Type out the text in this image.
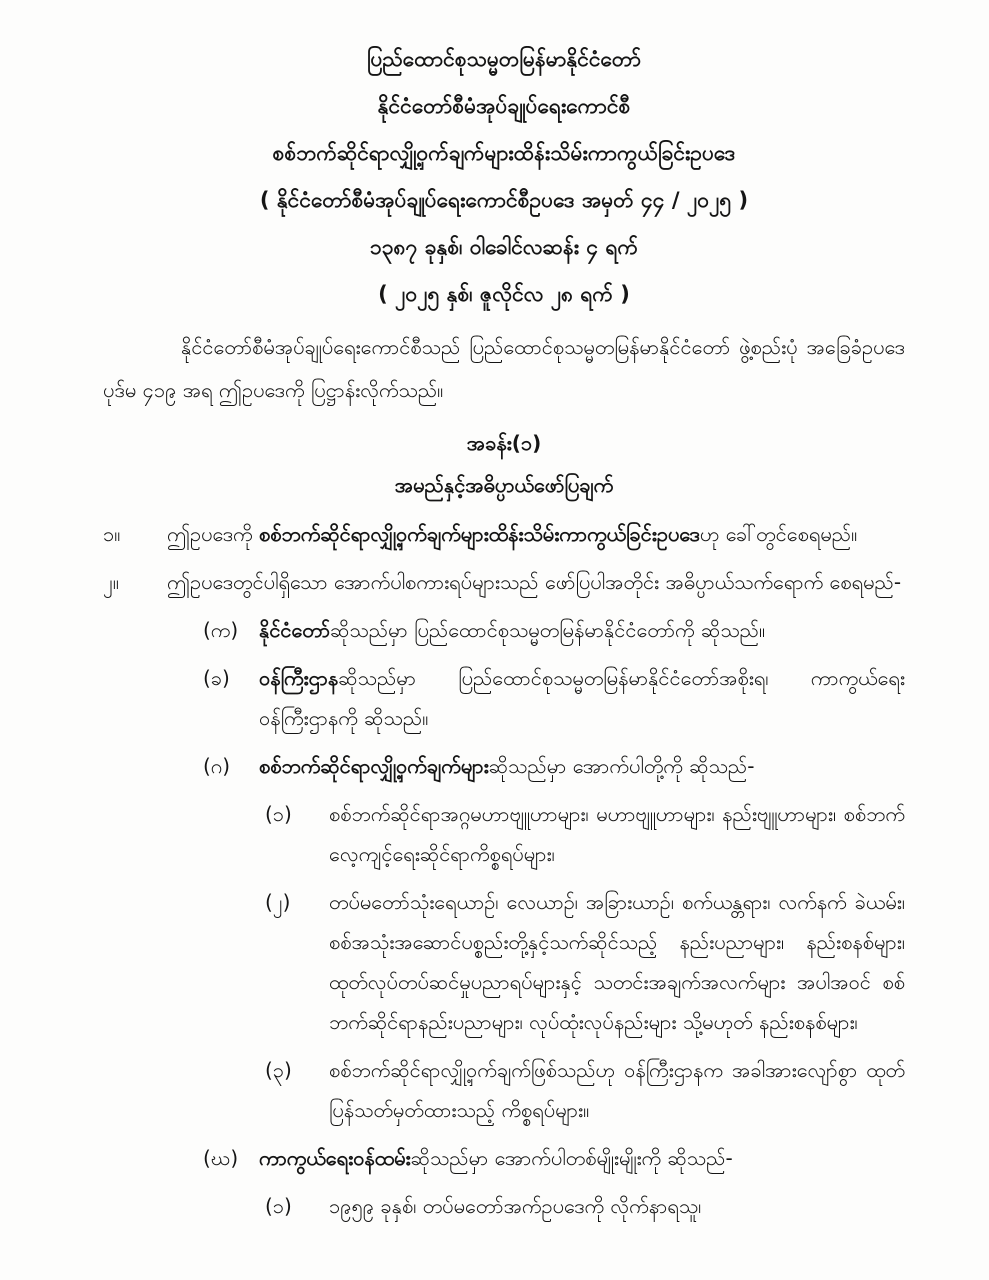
ပြည်ထောင်စုသမ္မတမြန်မာနိုင်ငံတော်
နိုင်ငံတော်စီမံအုပ်ချုပ်ရေးကောင်စီ
စစ်ဘက်ဆိုင်ရာလျှို့ဝှက်ချက်များထိန်းသိမ်းကာကွယ်ခြင်းဥပဒေ
( နိုင်ငံတော်စီမံအုပ်ချုပ်ရေးကောင်စီဥပဒေ အမှတ် ၄၄ / ၂၀၂၅ )
၁၃၈၇ ခုနှစ်၊ ဝါခေါင်လဆန်း ၄ ရက်
( ၂၀၂၅ နှစ်၊ ဇူလိုင်လ ၂၈ ရက် )

နိုင်ငံတော်စီမံအုပ်ချုပ်ရေးကောင်စီသည် ပြည်ထောင်စုသမ္မတမြန်မာနိုင်ငံတော် ဖွဲ့စည်းပုံ အခြေခံဥပဒေပုဒ်မ ၄၁၉ အရ ဤဥပဒေကို ပြဋ္ဌာန်းလိုက်သည်။

အခန်း(၁)
အမည်နှင့်အဓိပ္ပာယ်ဖော်ပြချက်
၁။ ဤဥပဒေကို စစ်ဘက်ဆိုင်ရာလျှို့ဝှက်ချက်များထိန်းသိမ်းကာကွယ်ခြင်းဥပဒေဟု ခေါ်တွင်စေရမည်။
၂။ ဤဥပဒေတွင်ပါရှိသော အောက်ပါစကားရပ်များသည် ဖော်ပြပါအတိုင်း အဓိပ္ပာယ်သက်ရောက် စေရမည်-
(က)	နိုင်ငံတော်ဆိုသည်မှာ ပြည်ထောင်စုသမ္မတမြန်မာနိုင်ငံတော်ကို ဆိုသည်။
(ခ)	ဝန်ကြီးဌာနဆိုသည်မှာ ပြည်ထောင်စုသမ္မတမြန်မာနိုင်ငံတော်အစိုးရ၊ ကာကွယ်ရေး ဝန်ကြီးဌာနကို ဆိုသည်။
(ဂ)	စစ်ဘက်ဆိုင်ရာလျှို့ဝှက်ချက်များဆိုသည်မှာ အောက်ပါတို့ကို ဆိုသည်-
(၁)	စစ်ဘက်ဆိုင်ရာအဂ္ဂမဟာဗျူဟာများ၊ မဟာဗျူဟာများ၊ နည်းဗျူဟာများ၊ စစ်ဘက်လေ့ကျင့်ရေးဆိုင်ရာကိစ္စရပ်များ၊
(၂)	တပ်မတော်သုံးရေယာဉ်၊ လေယာဉ်၊ အခြားယာဉ်၊ စက်ယန္တရား၊ လက်နက် ခဲယမ်း၊ စစ်အသုံးအဆောင်ပစ္စည်းတို့နှင့်သက်ဆိုင်သည့် နည်းပညာများ၊ နည်းစနစ်များ၊ ထုတ်လုပ်တပ်ဆင်မှုပညာရပ်များနှင့် သတင်းအချက်အလက်များ အပါအဝင် စစ်ဘက်ဆိုင်ရာနည်းပညာများ၊ လုပ်ထုံးလုပ်နည်းများ သို့မဟုတ် နည်းစနစ်များ၊
(၃)	စစ်ဘက်ဆိုင်ရာလျှို့ဝှက်ချက်ဖြစ်သည်ဟု ဝန်ကြီးဌာနက အခါအားလျော်စွာ ထုတ်ပြန်သတ်မှတ်ထားသည့် ကိစ္စရပ်များ။
(ဃ)	ကာကွယ်ရေးဝန်ထမ်းဆိုသည်မှာ အောက်ပါတစ်မျိုးမျိုးကို ဆိုသည်-
(၁)	၁၉၅၉ ခုနှစ်၊ တပ်မတော်အက်ဥပဒေကို လိုက်နာရသူ၊
